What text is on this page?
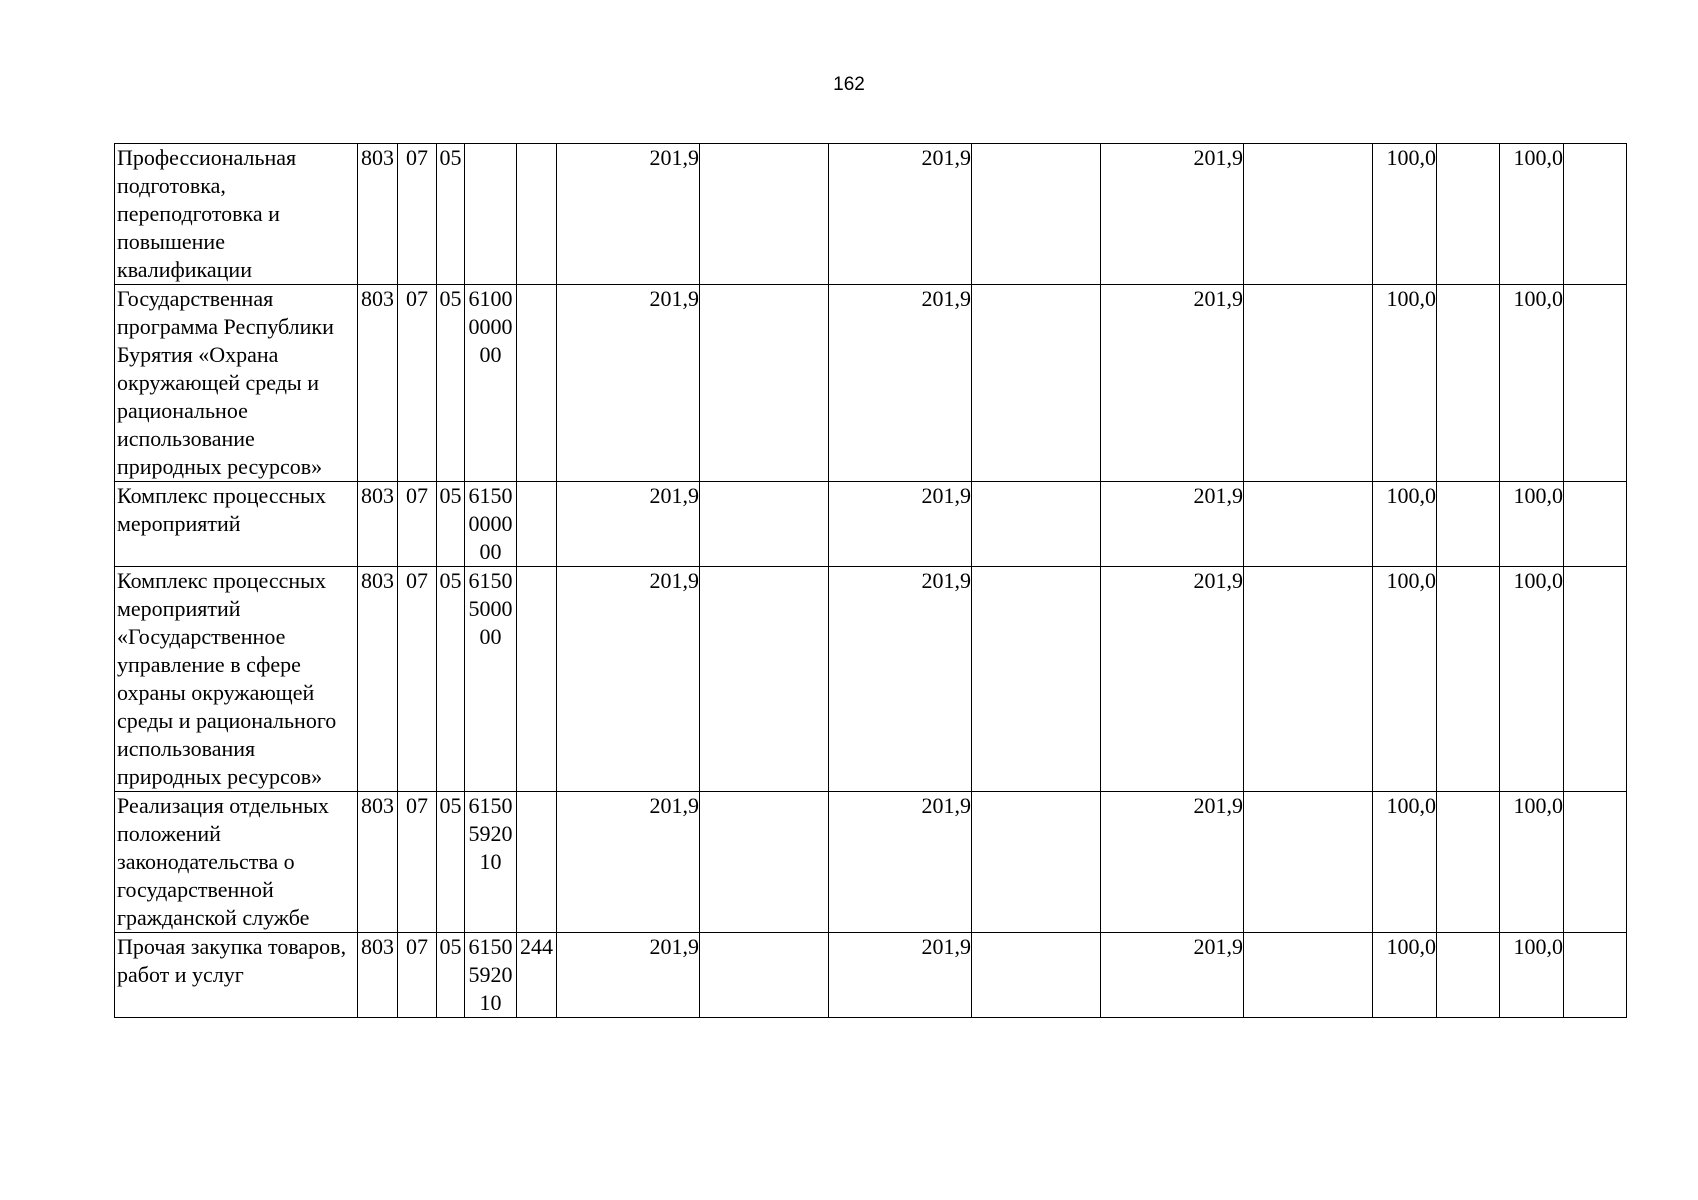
162
Профессиональная подготовка, переподготовка и повышение квалификации	803	07	05			201,9		201,9		201,9		100,0		100,0	
Государственная программа Республики Бурятия «Охрана окружающей среды и рациональное использование природных ресурсов»	803	07	05	6100000000		201,9		201,9		201,9		100,0		100,0	
Комплекс процессных мероприятий	803	07	05	6150000000		201,9		201,9		201,9		100,0		100,0	
Комплекс процессных мероприятий «Государственное управление в сфере охраны окружающей среды и рационального использования природных ресурсов»	803	07	05	6150500000		201,9		201,9		201,9		100,0		100,0	
Реализация отдельных положений законодательства о государственной гражданской службе	803	07	05	6150592010		201,9		201,9		201,9		100,0		100,0	
Прочая закупка товаров, работ и услуг	803	07	05	6150592010	244	201,9		201,9		201,9		100,0		100,0	
